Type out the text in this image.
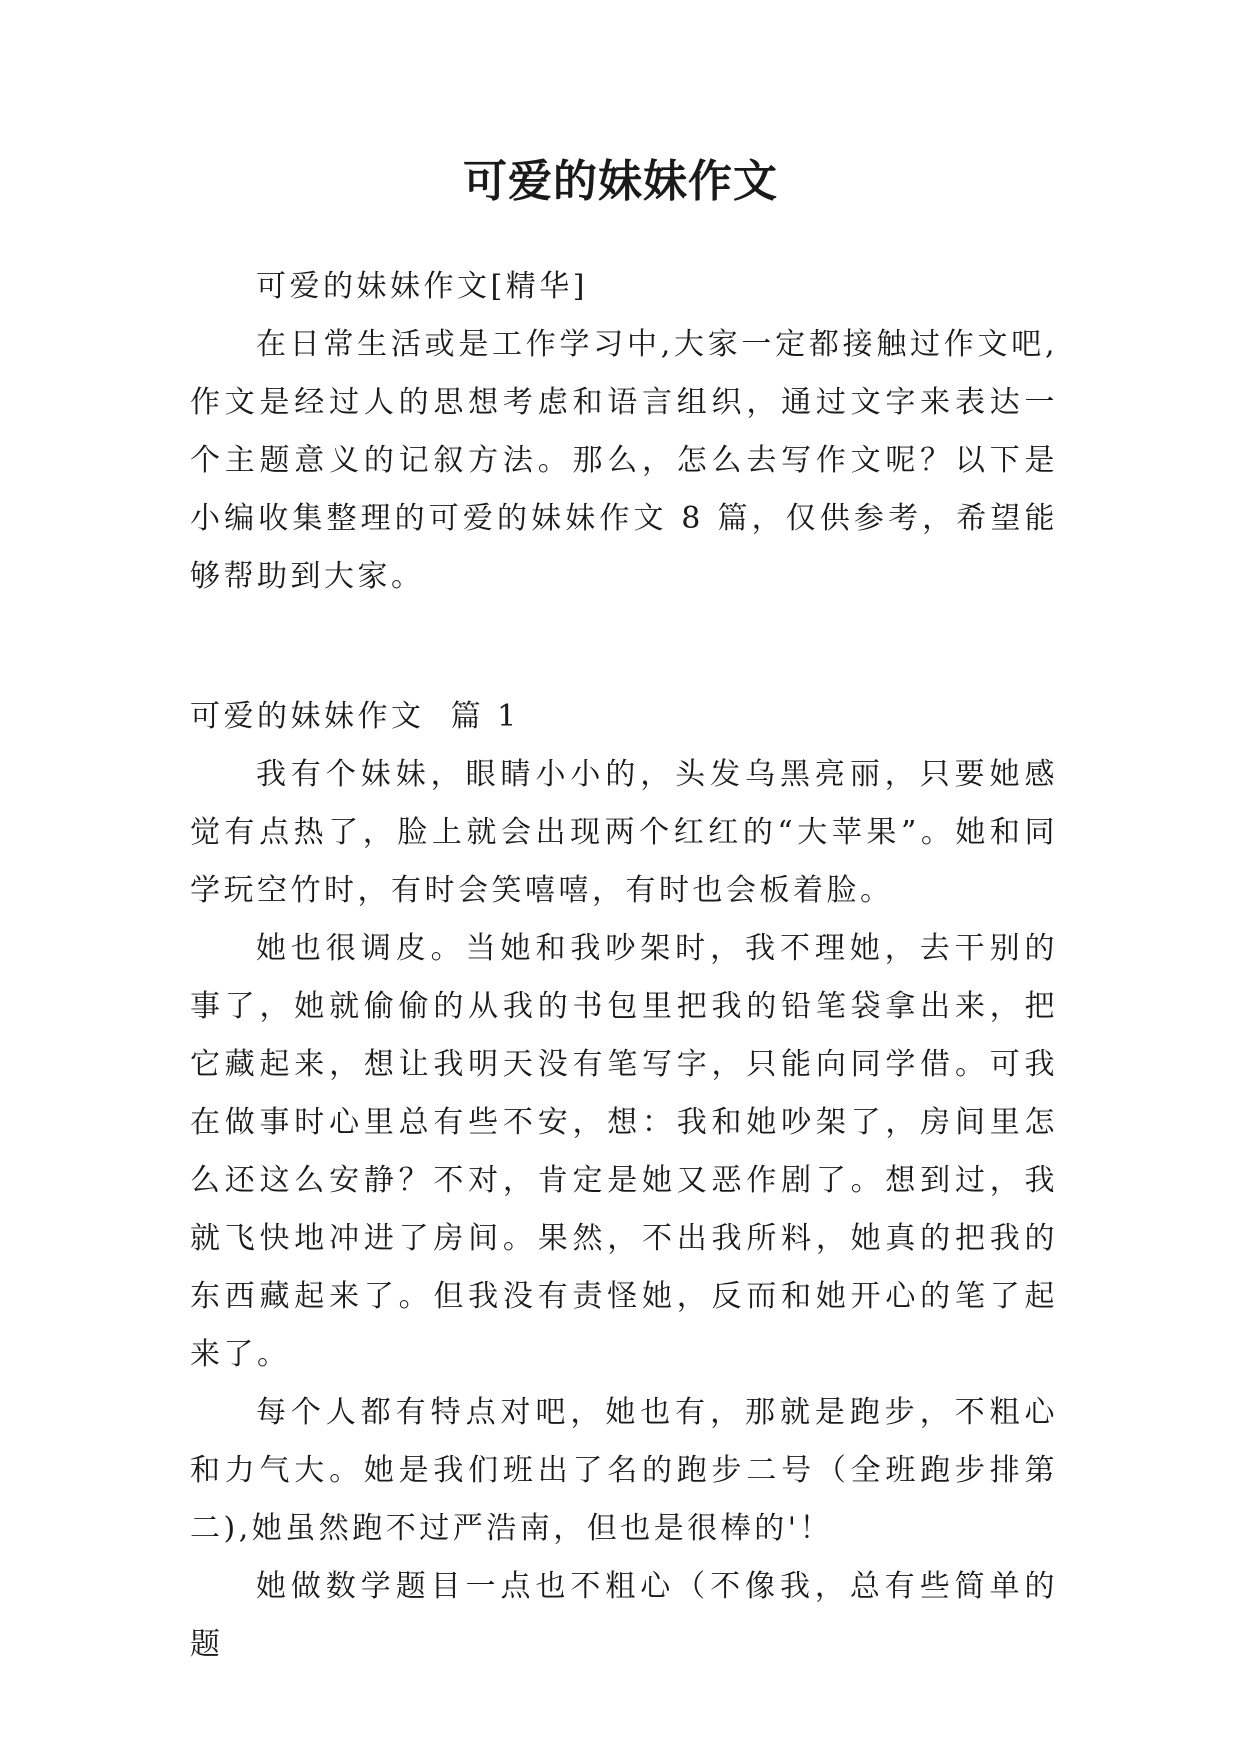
可爱的妹妹作文

可爱的妹妹作文[精华]

在日常生活或是工作学习中,大家一定都接触过作文吧,作文是经过人的思想考虑和语言组织，通过文字来表达一个主题意义的记叙方法。那么，怎么去写作文呢？以下是小编收集整理的可爱的妹妹作文 8 篇，仅供参考，希望能够帮助到大家。

可爱的妹妹作文  篇 1

我有个妹妹，眼睛小小的，头发乌黑亮丽，只要她感觉有点热了，脸上就会出现两个红红的“大苹果”。她和同学玩空竹时，有时会笑嘻嘻，有时也会板着脸。

她也很调皮。当她和我吵架时，我不理她，去干别的事了，她就偷偷的从我的书包里把我的铅笔袋拿出来，把它藏起来，想让我明天没有笔写字，只能向同学借。可我在做事时心里总有些不安，想：我和她吵架了，房间里怎么还这么安静？不对，肯定是她又恶作剧了。想到过，我就飞快地冲进了房间。果然，不出我所料，她真的把我的东西藏起来了。但我没有责怪她，反而和她开心的笔了起来了。

每个人都有特点对吧，她也有，那就是跑步，不粗心和力气大。她是我们班出了名的跑步二号（全班跑步排第二),她虽然跑不过严浩南，但也是很棒的'！

她做数学题目一点也不粗心（不像我，总有些简单的题
